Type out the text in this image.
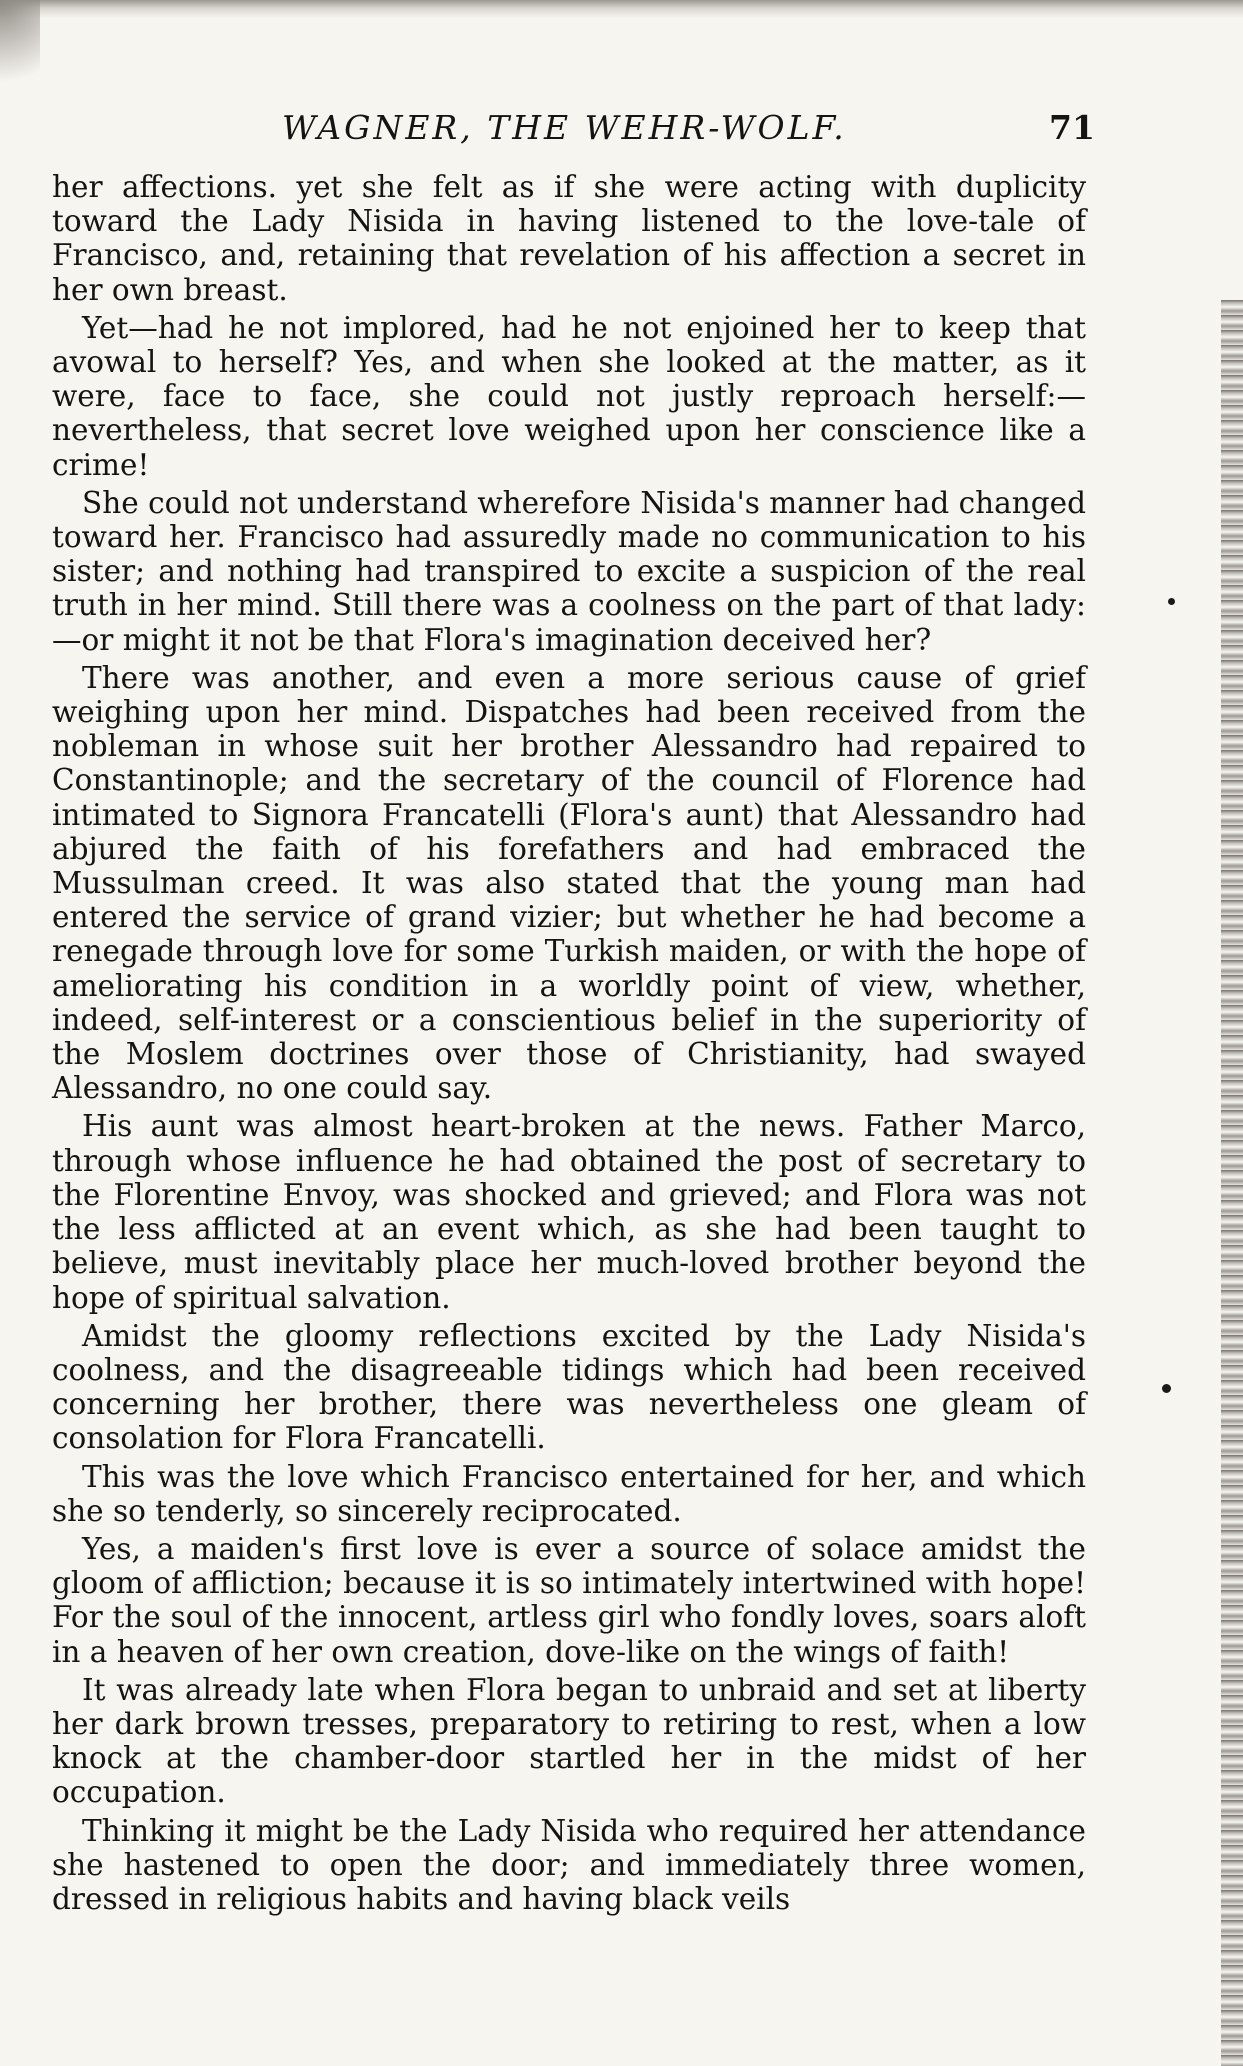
WAGNER, THE WEHR-WOLF.	71

her affections. yet she felt as if she were acting with duplicity toward the Lady Nisida in having listened to the love-tale of Francisco, and, retaining that revelation of his affection a secret in her own breast.

Yet—had he not implored, had he not enjoined her to keep that avowal to herself? Yes, and when she looked at the matter, as it were, face to face, she could not justly reproach herself:—nevertheless, that secret love weighed upon her conscience like a crime!

She could not understand wherefore Nisida's manner had changed toward her. Francisco had assuredly made no communication to his sister; and nothing had transpired to excite a suspicion of the real truth in her mind. Still there was a coolness on the part of that lady:—or might it not be that Flora's imagination deceived her?

There was another, and even a more serious cause of grief weighing upon her mind. Dispatches had been received from the nobleman in whose suit her brother Alessandro had repaired to Constantinople; and the secretary of the council of Florence had intimated to Signora Francatelli (Flora's aunt) that Alessandro had abjured the faith of his forefathers and had embraced the Mussulman creed. It was also stated that the young man had entered the service of grand vizier; but whether he had become a renegade through love for some Turkish maiden, or with the hope of ameliorating his condition in a worldly point of view, whether, indeed, self-interest or a conscientious belief in the superiority of the Moslem doctrines over those of Christianity, had swayed Alessandro, no one could say.

His aunt was almost heart-broken at the news. Father Marco, through whose influence he had obtained the post of secretary to the Florentine Envoy, was shocked and grieved; and Flora was not the less afflicted at an event which, as she had been taught to believe, must inevitably place her much-loved brother beyond the hope of spiritual salvation.

Amidst the gloomy reflections excited by the Lady Nisida's coolness, and the disagreeable tidings which had been received concerning her brother, there was nevertheless one gleam of consolation for Flora Francatelli.

This was the love which Francisco entertained for her, and which she so tenderly, so sincerely reciprocated.

Yes, a maiden's first love is ever a source of solace amidst the gloom of affliction; because it is so intimately intertwined with hope! For the soul of the innocent, artless girl who fondly loves, soars aloft in a heaven of her own creation, dove-like on the wings of faith!

It was already late when Flora began to unbraid and set at liberty her dark brown tresses, preparatory to retiring to rest, when a low knock at the chamber-door startled her in the midst of her occupation.

Thinking it might be the Lady Nisida who required her attendance she hastened to open the door; and immediately three women, dressed in religious habits and having black veils
